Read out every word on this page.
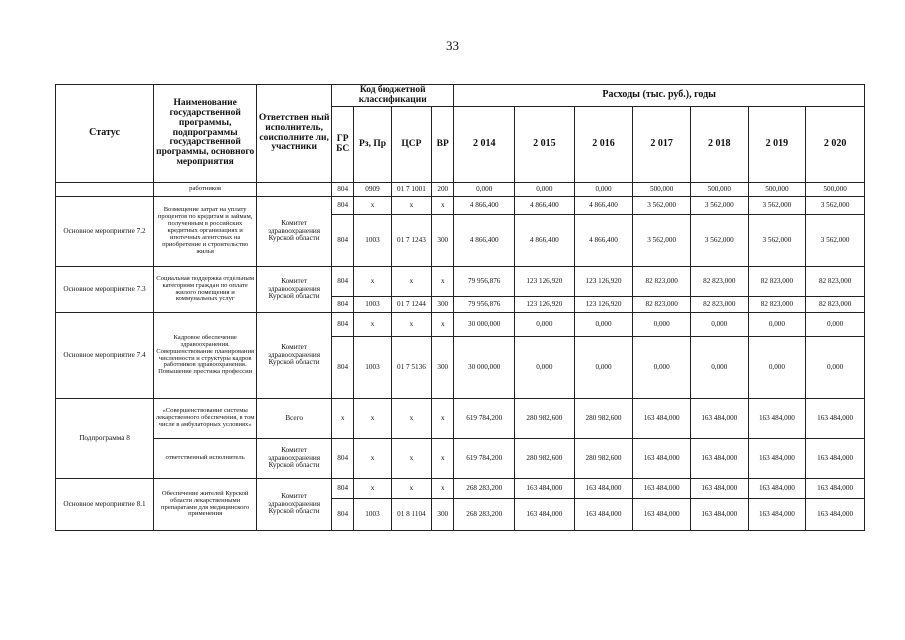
33
Статус	Наименование государственной программы, подпрограммы государственной программы, основного мероприятия	Ответствен ный исполнитель, соисполните ли, участники	Код бюджетной классификации				Расходы (тыс. руб.), годы						
			ГР БС	Рз, Пр	ЦСР	ВР	2 014	2 015	2 016	2 017	2 018	2 019	2 020
	работников		804	0909	01 7 1001	200	0,000	0,000	0,000	500,000	500,000	500,000	500,000
Основное мероприятие 7.2	Возмещение затрат на уплату процентов по кредитам и займам, полученным в российских кредитных организациях и ипотечных агентствах на приобретение и строительство жилья	Комитет здравоохранения Курской области	804	x	x	x	4 866,400	4 866,400	4 866,400	3 562,000	3 562,000	3 562,000	3 562,000
			804	1003	01 7 1243	300	4 866,400	4 866,400	4 866,400	3 562,000	3 562,000	3 562,000	3 562,000
Основное мероприятие 7.3	Социальная поддержка отдельным категориям граждан по оплате жилого помещения и коммунальных услуг	Комитет здравоохранения Курской области	804	x	x	x	79 956,876	123 126,920	123 126,920	82 823,000	82 823,000	82 823,000	82 823,000
			804	1003	01 7 1244	300	79 956,876	123 126,920	123 126,920	82 823,000	82 823,000	82 823,000	82 823,000
Основное мероприятие 7.4	Кадровое обеспечение здравоохранения. Совершенствование планирования численности и структуры кадров работников здравоохранения. Повышение престижа профессии	Комитет здравоохранения Курской области	804	x	x	x	30 000,000	0,000	0,000	0,000	0,000	0,000	0,000
			804	1003	01 7 5136	300	30 000,000	0,000	0,000	0,000	0,000	0,000	0,000
Подпрограмма 8	«Совершенствование системы лекарственного обеспечения, в том числе в амбулаторных условиях»	Всего	x	x	x	x	619 784,200	280 982,600	280 982,600	163 484,000	163 484,000	163 484,000	163 484,000
	ответственный исполнитель	Комитет здравоохранения Курской области	804	x	x	x	619 784,200	280 982,600	280 982,600	163 484,000	163 484,000	163 484,000	163 484,000
Основное мероприятие 8.1	Обеспечение жителей Курской области лекарственными препаратами для медицинского применения	Комитет здравоохранения Курской области	804	x	x	x	268 283,200	163 484,000	163 484,000	163 484,000	163 484,000	163 484,000	163 484,000
			804	1003	01 8 1104	300	268 283,200	163 484,000	163 484,000	163 484,000	163 484,000	163 484,000	163 484,000
